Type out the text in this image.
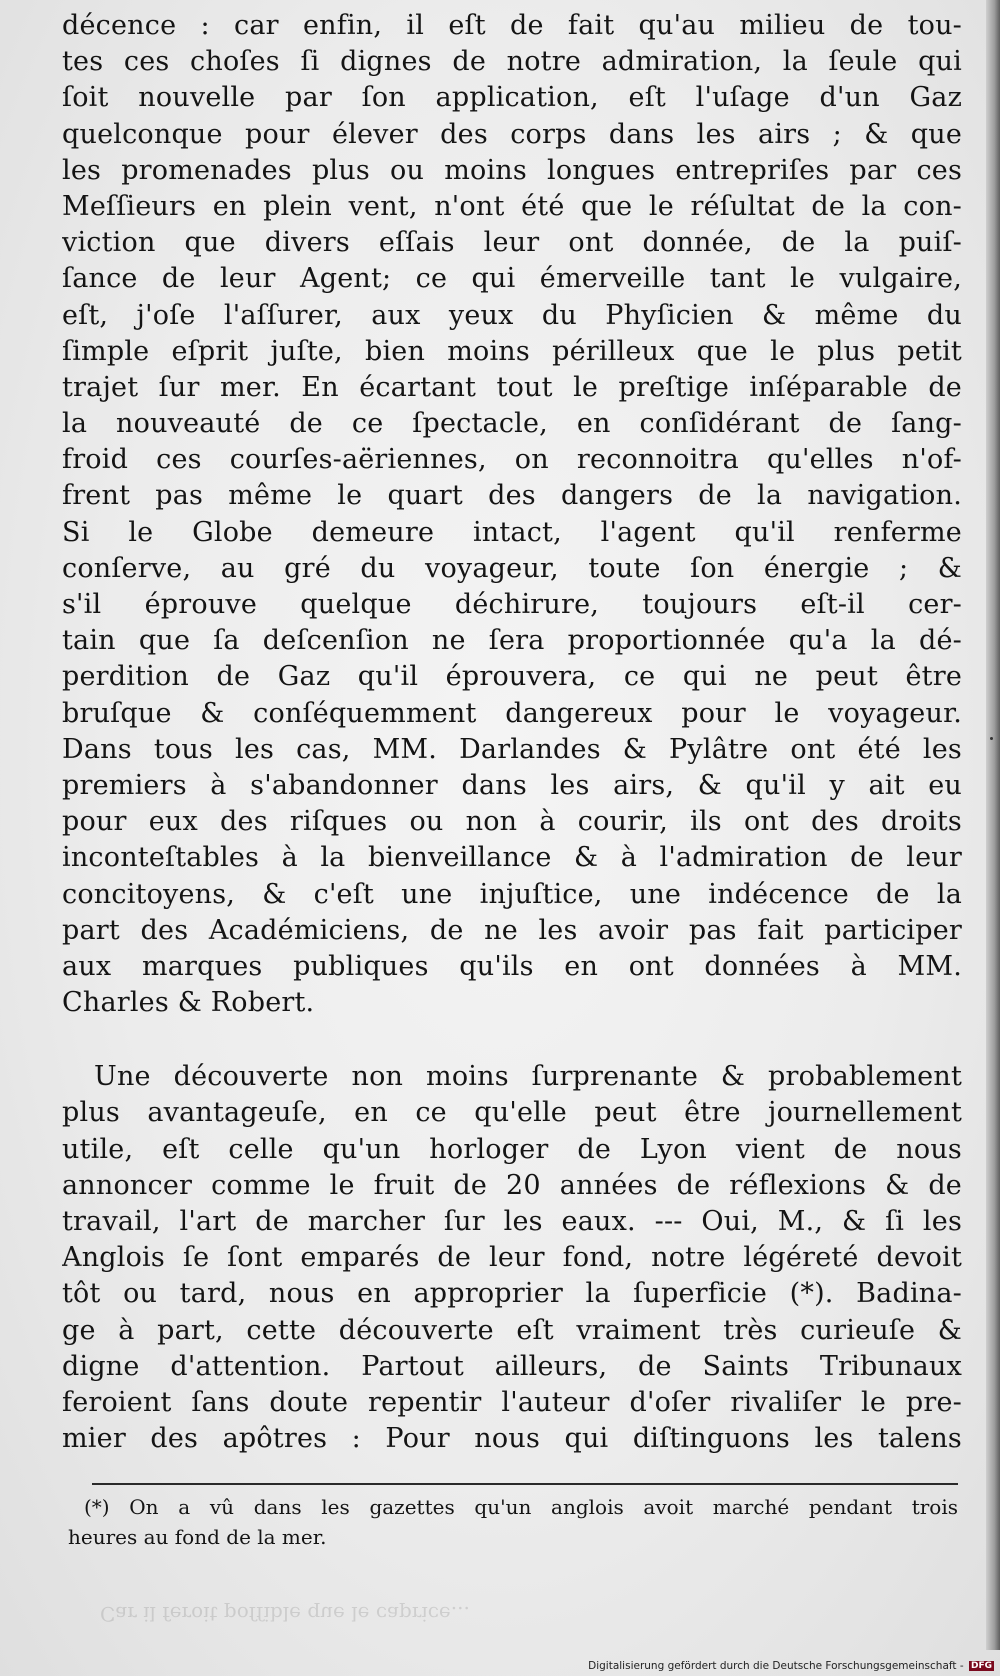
décence : car enfin, il eſt de fait qu'au milieu de tou-
tes ces choſes ſi dignes de notre admiration, la ſeule qui
ſoit nouvelle par ſon application, eſt l'uſage d'un Gaz
quelconque pour élever des corps dans les airs ; & que
les promenades plus ou moins longues entrepriſes par ces
Meſſieurs en plein vent, n'ont été que le réſultat de la con-
viction que divers eſſais leur ont donnée, de la puiſ-
ſance de leur Agent; ce qui émerveille tant le vulgaire,
eſt, j'oſe l'aſſurer, aux yeux du Phyſicien & même du
ſimple eſprit juſte, bien moins périlleux que le plus petit
trajet ſur mer. En écartant tout le preſtige inſéparable de
la nouveauté de ce ſpectacle, en conſidérant de ſang-
froid ces courſes-aëriennes, on reconnoitra qu'elles n'of-
frent pas même le quart des dangers de la navigation.
Si le Globe demeure intact, l'agent qu'il renferme
conſerve, au gré du voyageur, toute ſon énergie ; &
s'il éprouve quelque déchirure, toujours eſt-il cer-
tain que ſa deſcenſion ne ſera proportionnée qu'a la dé-
perdition de Gaz qu'il éprouvera, ce qui ne peut être
bruſque & conſéquemment dangereux pour le voyageur.
Dans tous les cas, MM. Darlandes & Pylâtre ont été les
premiers à s'abandonner dans les airs, & qu'il y ait eu
pour eux des riſques ou non à courir, ils ont des droits
inconteſtables à la bienveillance & à l'admiration de leur
concitoyens, & c'eſt une injuſtice, une indécence de la
part des Académiciens, de ne les avoir pas fait participer
aux marques publiques qu'ils en ont données à MM.
Charles & Robert.
Une découverte non moins ſurprenante & probablement
plus avantageuſe, en ce qu'elle peut être journellement
utile, eſt celle qu'un horloger de Lyon vient de nous
annoncer comme le fruit de 20 années de réflexions & de
travail, l'art de marcher ſur les eaux. --- Oui, M., & ſi les
Anglois ſe ſont emparés de leur fond, notre légéreté devoit
tôt ou tard, nous en approprier la ſuperficie (*). Badina-
ge à part, cette découverte eſt vraiment très curieuſe &
digne d'attention. Partout ailleurs, de Saints Tribunaux
feroient ſans doute repentir l'auteur d'oſer rivaliſer le pre-
mier des apôtres : Pour nous qui diſtinguons les talens
(*) On a vû dans les gazettes qu'un anglois avoit marché pendant trois
heures au fond de la mer.
Car il feroit poſſible que le caprice...
Digitalisierung gefördert durch die Deutsche Forschungsgemeinschaft - DFG
